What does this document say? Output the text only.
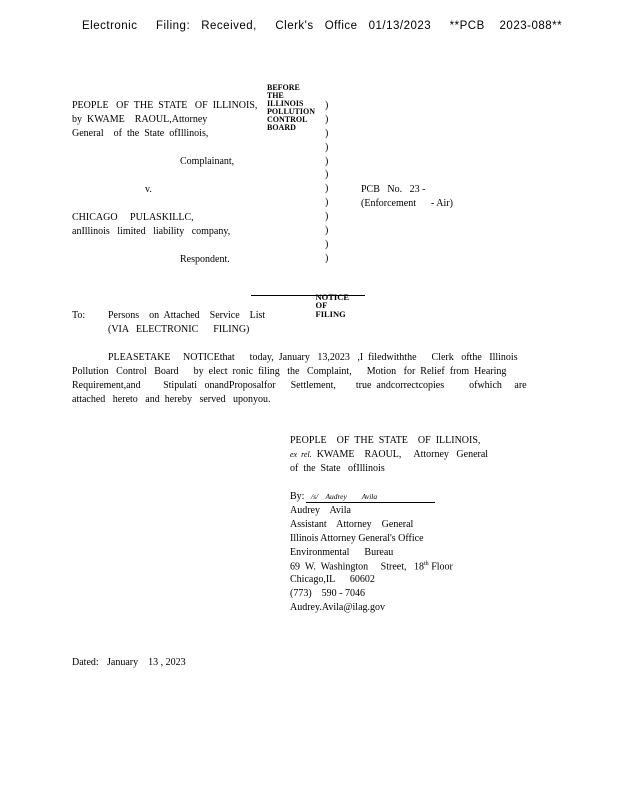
Electronic     Filing:   Received,     Clerk's   Office   01/13/2023     **PCB    2023-088**

BEFORE
THE
ILLINOIS
POLLUTION
CONTROL
BOARD

PEOPLE   OF  THE  STATE   OF  ILLINOIS,
by  KWAME    RAOUL,Attorney
General    of  the  State  ofIllinois,
Complainant,
v.
CHICAGO     PULASKILLC,
anIllinois   limited   liability   company,
Respondent.
)
)
)
)
)
)
)
)
)
)
)
)
PCB   No.   23 -
(Enforcement      - Air)

NOTICE
OF
FILING

To: Persons    on  Attached    Service    List
(VIA   ELECTRONIC      FILING)
PLEASETAKE     NOTICEthat      today,  January   13,2023   ,I  filedwiththe      Clerk   ofthe   Illinois
Pollution   Control   Board      by  elect  ronic  filing   the   Complaint,      Motion   for  Relief  from  Hearing
Requirement,and         Stipulati   onandProposalfor      Settlement,        true  andcorrectcopies          ofwhich     are
attached   hereto   and  hereby   served   uponyou.
PEOPLE    OF  THE  STATE    OF  ILLINOIS,
ex  rel. KWAME    RAOUL,     Attorney   General
of  the  State   ofIllinois
By: /s/    Audrey        Avila
Audrey    Avila
Assistant    Attorney    General
Illinois Attorney General's Office
Environmental      Bureau
69  W.  Washington     Street,   18th Floor
Chicago,IL      60602
(773)    590 - 7046
Audrey.Avila@ilag.gov
Dated: January    13 , 2023
